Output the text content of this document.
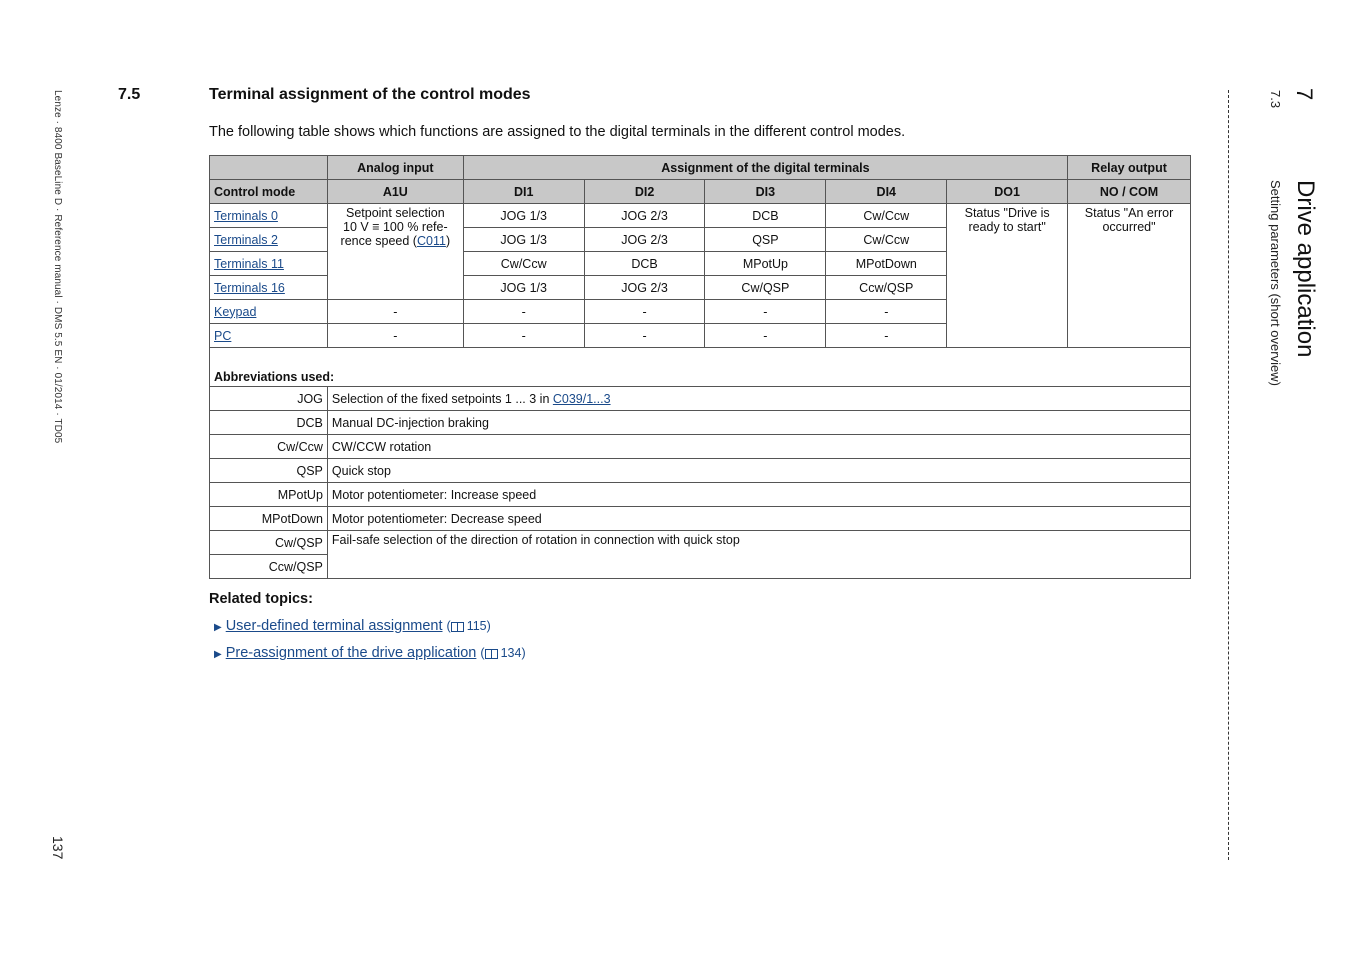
Lenze · 8400 BaseLine D · Reference manual · DMS 5.5 EN · 01/2014 · TD05
137
7
Drive application
7.3
Setting parameters (short overview)
7.5	Terminal assignment of the control modes
The following table shows which functions are assigned to the digital terminals in the different control modes.
	Analog input	Assignment of the digital terminals					Relay output
Control mode	A1U	DI1	DI2	DI3	DI4	DO1	NO / COM
Terminals 0	Setpoint selection
10 V ≡ 100 % refe-
rence speed (C011)	JOG 1/3	JOG 2/3	DCB	Cw/Ccw	Status "Drive is ready to start"	Status "An error occurred"
Terminals 2		JOG 1/3	JOG 2/3	QSP	Cw/Ccw		
Terminals 11		Cw/Ccw	DCB	MPotUp	MPotDown		
Terminals 16		JOG 1/3	JOG 2/3	Cw/QSP	Ccw/QSP		
Keypad	-	-	-	-	-		
PC	-	-	-	-	-		
Abbreviations used:							
JOG	Selection of the fixed setpoints 1 ... 3 in C039/1...3						
DCB	Manual DC-injection braking						
Cw/Ccw	CW/CCW rotation						
QSP	Quick stop						
MPotUp	Motor potentiometer: Increase speed						
MPotDown	Motor potentiometer: Decrease speed						
Cw/QSP	Fail-safe selection of the direction of rotation in connection with quick stop						
Ccw/QSP							
Related topics:
▶ User-defined terminal assignment ( 115)
▶ Pre-assignment of the drive application ( 134)
